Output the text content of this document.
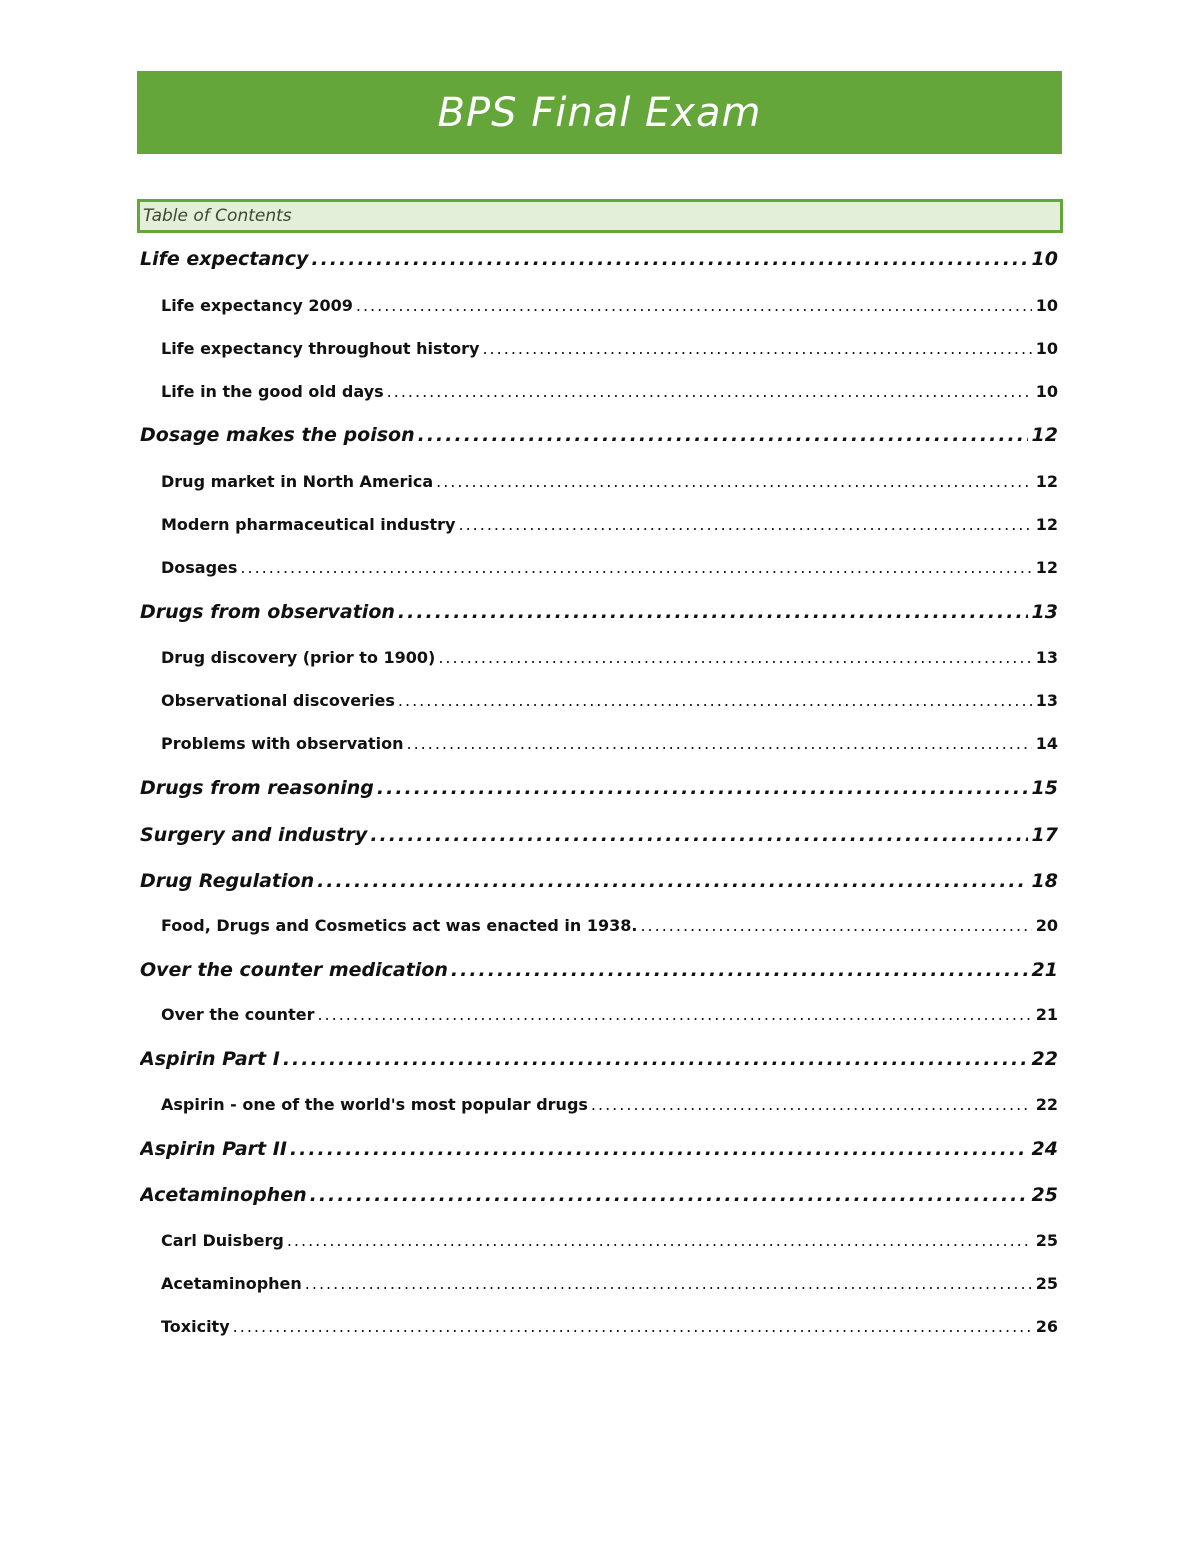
BPS Final Exam
Table of Contents
Life expectancy .....	10
Life expectancy 2009 .....	10
Life expectancy throughout history .....	10
Life in the good old days .....	10
Dosage makes the poison .....	12
Drug market in North America .....	12
Modern pharmaceutical industry .....	12
Dosages .....	12
Drugs from observation .....	13
Drug discovery (prior to 1900) .....	13
Observational discoveries .....	13
Problems with observation .....	14
Drugs from reasoning .....	15
Surgery and industry .....	17
Drug Regulation .....	18
Food, Drugs and Cosmetics act was enacted in 1938. .....	20
Over the counter medication .....	21
Over the counter .....	21
Aspirin Part I .....	22
Aspirin - one of the world's most popular drugs .....	22
Aspirin Part II .....	24
Acetaminophen .....	25
Carl Duisberg .....	25
Acetaminophen .....	25
Toxicity .....	26
